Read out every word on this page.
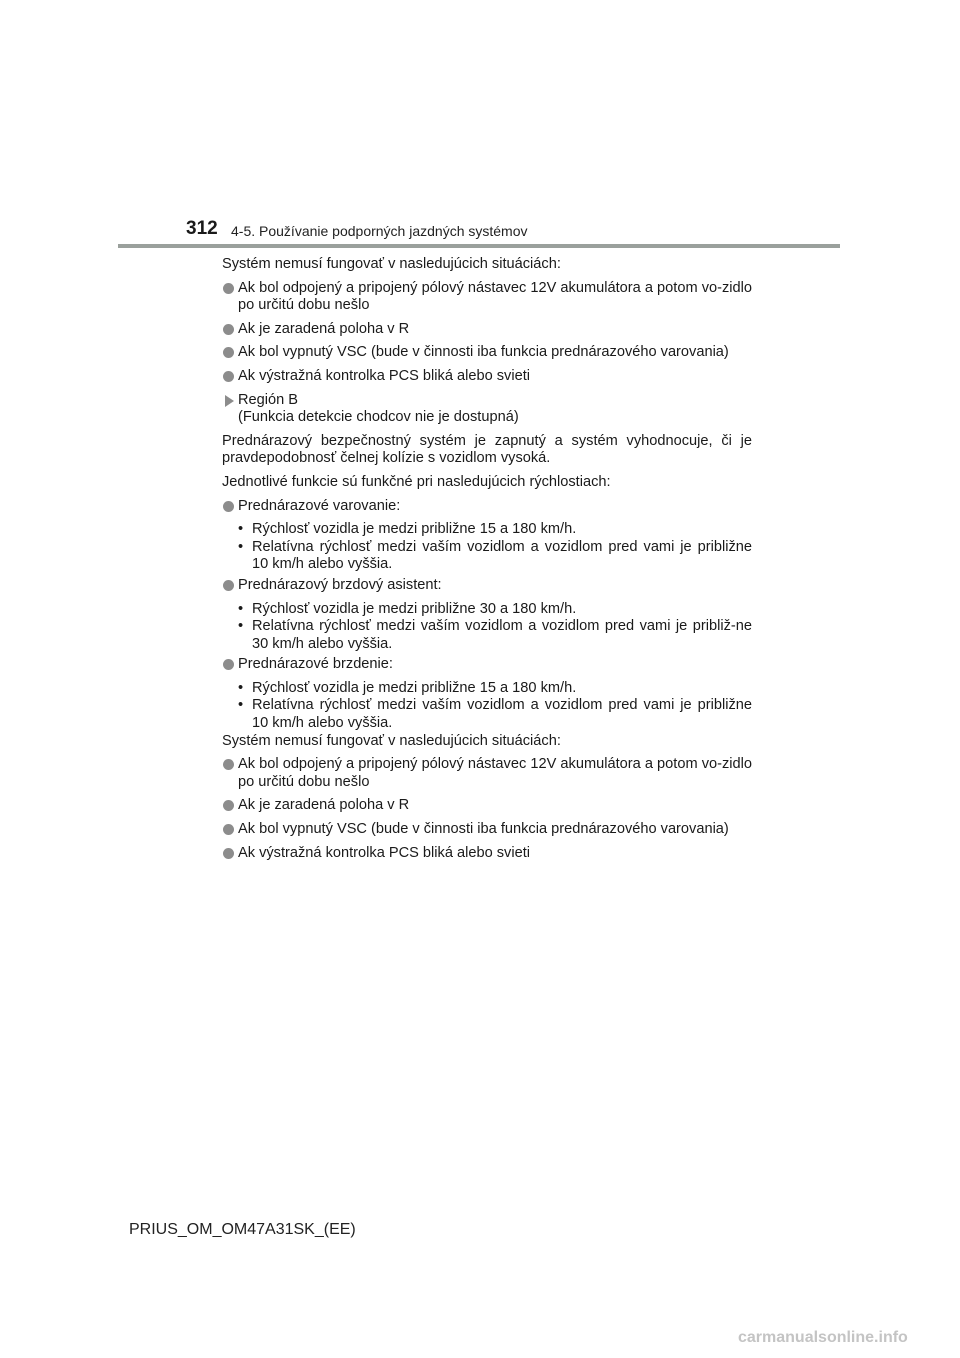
312 4-5. Používanie podporných jazdných systémov

Systém nemusí fungovať v nasledujúcich situáciách:

Ak bol odpojený a pripojený pólový nástavec 12V akumulátora a potom vo-zidlo po určitú dobu nešlo
Ak je zaradená poloha v R
Ak bol vypnutý VSC (bude v činnosti iba funkcia prednárazového varovania)
Ak výstražná kontrolka PCS bliká alebo svieti
Región B
(Funkcia detekcie chodcov nie je dostupná)

Prednárazový bezpečnostný systém je zapnutý a systém vyhodnocuje, či je pravdepodobnosť čelnej kolízie s vozidlom vysoká.

Jednotlivé funkcie sú funkčné pri nasledujúcich rýchlostiach:

Prednárazové varovanie:
• Rýchlosť vozidla je medzi približne 15 a 180 km/h.
• Relatívna rýchlosť medzi vaším vozidlom a vozidlom pred vami je približne 10 km/h alebo vyššia.
Prednárazový brzdový asistent:
• Rýchlosť vozidla je medzi približne 30 a 180 km/h.
• Relatívna rýchlosť medzi vaším vozidlom a vozidlom pred vami je približ-ne 30 km/h alebo vyššia.
Prednárazové brzdenie:
• Rýchlosť vozidla je medzi približne 15 a 180 km/h.
• Relatívna rýchlosť medzi vaším vozidlom a vozidlom pred vami je približne 10 km/h alebo vyššia.

Systém nemusí fungovať v nasledujúcich situáciách:

Ak bol odpojený a pripojený pólový nástavec 12V akumulátora a potom vo-zidlo po určitú dobu nešlo
Ak je zaradená poloha v R
Ak bol vypnutý VSC (bude v činnosti iba funkcia prednárazového varovania)
Ak výstražná kontrolka PCS bliká alebo svieti
PRIUS_OM_OM47A31SK_(EE)
carmanualsonline.info
